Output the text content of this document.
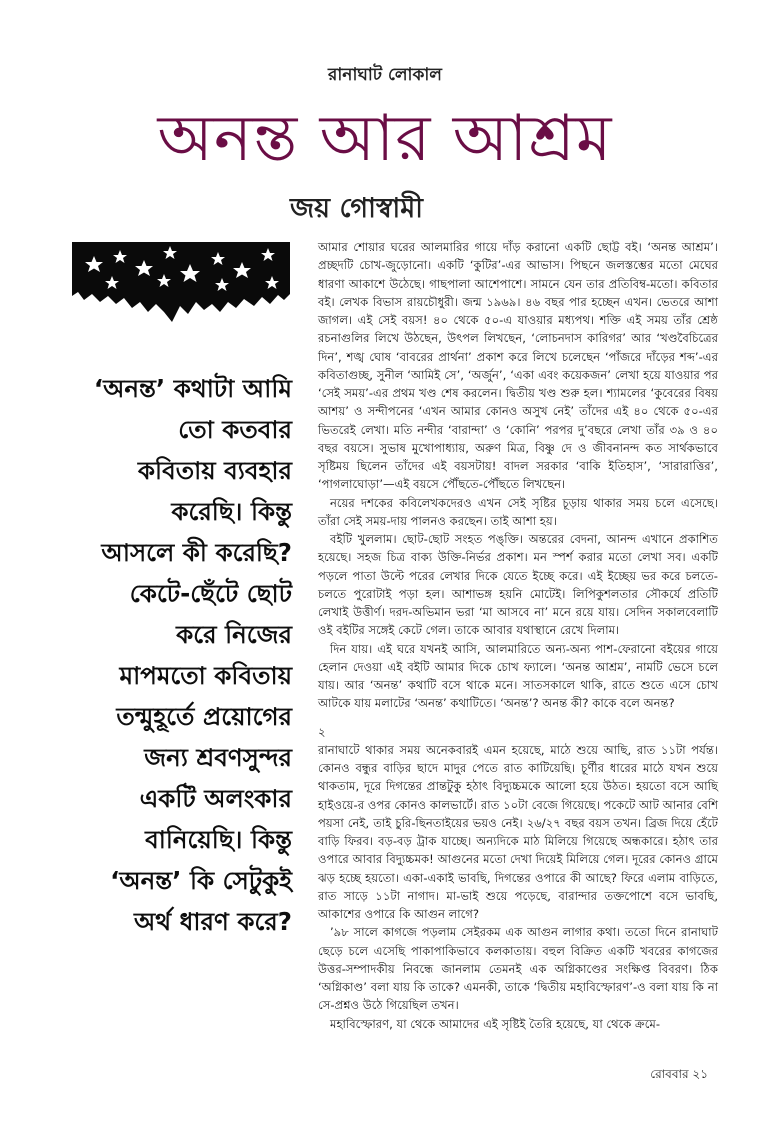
রানাঘাট লোকাল
অনন্ত আর আশ্রম
জয় গোস্বামী
‘অনন্ত’ কথাটা আমি
তো কতবার
কবিতায় ব্যবহার
করেছি। কিন্তু
আসলে কী করেছি?
কেটে-ছেঁটে ছোট
করে নিজের
মাপমতো কবিতায়
তন্মুহূর্তে প্রয়োগের
জন্য শ্রবণসুন্দর
একটি অলংকার
বানিয়েছি। কিন্তু
‘অনন্ত’ কি সেটুকুই
অর্থ ধারণ করে?

আমার শোয়ার ঘরের আলমারির গায়ে দাঁড় করানো একটি ছোট্ট বই। ‘অনন্ত আশ্রম’। প্রচ্ছদটি চোখ-জুড়োনো। একটি ‘কুটির’-এর আভাস। পিছনে জলস্তম্ভের মতো মেঘের ধারণা আকাশে উঠেছে। গাছপালা আশেপাশে। সামনে যেন তার প্রতিবিম্ব-মতো। কবিতার বই। লেখক বিভাস রায়চৌধুরী। জন্ম ১৯৬৯। ৪৬ বছর পার হচ্ছেন এখন। ভেতরে আশা জাগল। এই সেই বয়স! ৪০ থেকে ৫০-এ যাওয়ার মধ্যপথ। শক্তি এই সময় তাঁর শ্রেষ্ঠ রচনাগুলির লিখে উঠছেন, উৎপল লিখছেন, ‘লোচনদাস কারিগর’ আর ‘খণ্ডবৈচিত্রের দিন’, শঙ্খ ঘোষ ‘বাবরের প্রার্থনা’ প্রকাশ করে লিখে চলেছেন ‘পাঁজরে দাঁড়ের শব্দ’-এর কবিতাগুচ্ছ, সুনীল ‘আমিই সে’, ‘অর্জুন’, ‘একা এবং কয়েকজন’ লেখা হয়ে যাওয়ার পর ‘সেই সময়’-এর প্রথম খণ্ড শেষ করলেন। দ্বিতীয় খণ্ড শুরু হল। শ্যামলের ‘কুবেরের বিষয় আশয়’ ও সন্দীপনের ‘এখন আমার কোনও অসুখ নেই’ তাঁদের এই ৪০ থেকে ৫০-এর ভিতরেই লেখা। মতি নন্দীর ‘বারান্দা’ ও ‘কোনি’ পরপর দু’বছরে লেখা তাঁর ৩৯ ও ৪০ বছর বয়সে। সুভাষ মুখোপাধ্যায়, অরুণ মিত্র, বিষ্ণু দে ও জীবনানন্দ কত সার্থকভাবে সৃষ্টিময় ছিলেন তাঁদের এই বয়সটায়! বাদল সরকার ‘বাকি ইতিহাস’, ‘সারারাত্তির’, ‘পাগলাঘোড়া’—এই বয়সে পৌঁছতে-পৌঁছতে লিখছেন।

নয়ের দশকের কবিলেখকদেরও এখন সেই সৃষ্টির চূড়ায় থাকার সময় চলে এসেছে। তাঁরা সেই সময়-দায় পালনও করছেন। তাই আশা হয়।

বইটি খুললাম। ছোট-ছোট সংহত পঙ্‌ক্তি। অন্তরের বেদনা, আনন্দ এখানে প্রকাশিত হয়েছে। সহজ চিত্র বাক্য উক্তি-নির্ভর প্রকাশ। মন স্পর্শ করার মতো লেখা সব। একটি পড়লে পাতা উল্টে পরের লেখার দিকে যেতে ইচ্ছে করে। এই ইচ্ছেয় ভর করে চলতে-চলতে পুরোটাই পড়া হল। আশাভঙ্গ হয়নি মোটেই। লিপিকুশলতার সৌকর্যে প্রতিটি লেখাই উত্তীর্ণ। দরদ-অভিমান ভরা ‘মা আসবে না’ মনে রয়ে যায়। সেদিন সকালবেলাটি ওই বইটির সঙ্গেই কেটে গেল। তাকে আবার যথাস্থানে রেখে দিলাম।

দিন যায়। এই ঘরে যখনই আসি, আলমারিতে অন্য-অন্য পাশ-ফেরানো বইয়ের গায়ে হেলান দেওয়া এই বইটি আমার দিকে চোখ ফ্যালে। ‘অনন্ত আশ্রম’, নামটি ভেসে চলে যায়। আর ‘অনন্ত’ কথাটি বসে থাকে মনে। সাতসকালে থাকি, রাতে শুতে এসে চোখ আটকে যায় মলাটের ‘অনন্ত’ কথাটিতে। ‘অনন্ত’? অনন্ত কী? কাকে বলে অনন্ত?

২

রানাঘাটে থাকার সময় অনেকবারই এমন হয়েছে, মাঠে শুয়ে আছি, রাত ১১টা পর্যন্ত। কোনও বন্ধুর বাড়ির ছাদে মাদুর পেতে রাত কাটিয়েছি। চূর্ণীর ধারের মাঠে যখন শুয়ে থাকতাম, দূরে দিগন্তের প্রান্তটুকু হঠাৎ বিদ্যুচ্চমকে আলো হয়ে উঠত। হয়তো বসে আছি হাইওয়ে-র ওপর কোনও কালভার্টে। রাত ১০টা বেজে গিয়েছে। পকেটে আট আনার বেশি পয়সা নেই, তাই চুরি-ছিনতাইয়ের ভয়ও নেই। ২৬/২৭ বছর বয়স তখন। ব্রিজ দিয়ে হেঁটে বাড়ি ফিরব। বড়-বড় ট্রাক যাচ্ছে। অন্যদিকে মাঠ মিলিয়ে গিয়েছে অন্ধকারে। হঠাৎ তার ওপারে আবার বিদ্যুচ্চমক! আগুনের মতো দেখা দিয়েই মিলিয়ে গেল। দূরের কোনও গ্রামে ঝড় হচ্ছে হয়তো। একা-একাই ভাবছি, দিগন্তের ওপারে কী আছে? ফিরে এলাম বাড়িতে, রাত সাড়ে ১১টা নাগাদ। মা-ভাই শুয়ে পড়েছে, বারান্দার তক্তপোশে বসে ভাবছি, আকাশের ওপারে কি আগুন লাগে?

’৯৮ সালে কাগজে পড়লাম সেইরকম এক আগুন লাগার কথা। ততো দিনে রানাঘাট ছেড়ে চলে এসেছি পাকাপাকিভাবে কলকাতায়। বহুল বিক্রিত একটি খবরের কাগজের উত্তর-সম্পাদকীয় নিবন্ধে জানলাম তেমনই এক অগ্নিকাণ্ডের সংক্ষিপ্ত বিবরণ। ঠিক ‘অগ্নিকাণ্ড’ বলা যায় কি তাকে? এমনকী, তাকে ‘দ্বিতীয় মহাবিস্ফোরণ’-ও বলা যায় কি না সে-প্রশ্নও উঠে গিয়েছিল তখন।

মহাবিস্ফোরণ, যা থেকে আমাদের এই সৃষ্টিই তৈরি হয়েছে, যা থেকে ক্রমে-

রোববার ২১
